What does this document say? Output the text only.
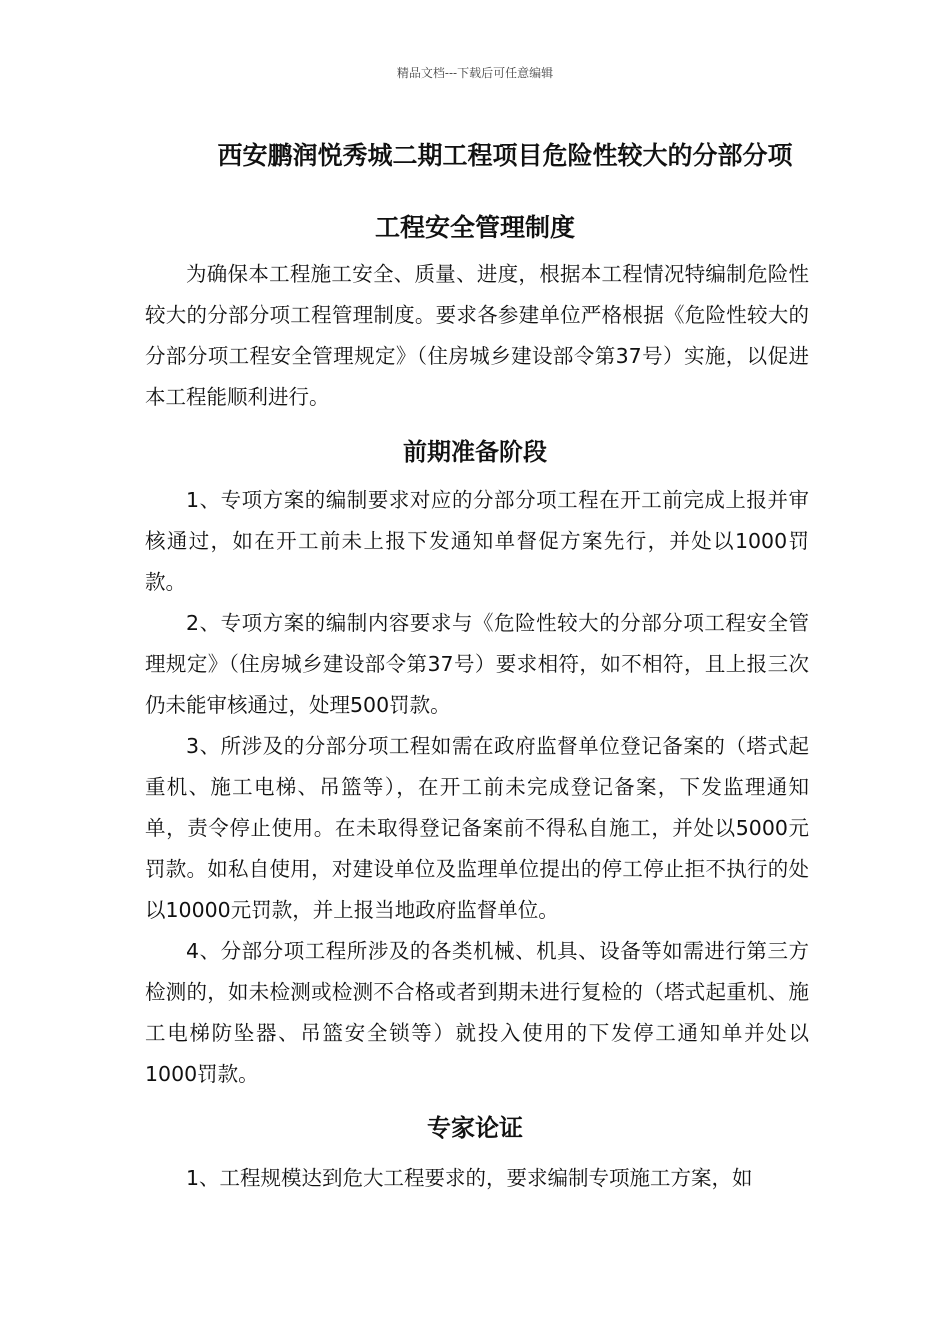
精品文档---下载后可任意编辑
西安鹏润悦秀城二期工程项目危险性较大的分部分项
工程安全管理制度
为确保本工程施工安全、质量、进度，根据本工程情况特编制危险性较大的分部分项工程管理制度。要求各参建单位严格根据《危险性较大的分部分项工程安全管理规定》（住房城乡建设部令第37号）实施，以促进本工程能顺利进行。
前期准备阶段
1、专项方案的编制要求对应的分部分项工程在开工前完成上报并审核通过，如在开工前未上报下发通知单督促方案先行，并处以1000罚款。
2、专项方案的编制内容要求与《危险性较大的分部分项工程安全管理规定》（住房城乡建设部令第37号）要求相符，如不相符，且上报三次仍未能审核通过，处理500罚款。
3、所涉及的分部分项工程如需在政府监督单位登记备案的（塔式起重机、施工电梯、吊篮等），在开工前未完成登记备案，下发监理通知单，责令停止使用。在未取得登记备案前不得私自施工，并处以5000元罚款。如私自使用，对建设单位及监理单位提出的停工停止拒不执行的处以10000元罚款，并上报当地政府监督单位。
4、分部分项工程所涉及的各类机械、机具、设备等如需进行第三方检测的，如未检测或检测不合格或者到期未进行复检的（塔式起重机、施工电梯防坠器、吊篮安全锁等）就投入使用的下发停工通知单并处以1000罚款。
专家论证
1、工程规模达到危大工程要求的，要求编制专项施工方案，如
